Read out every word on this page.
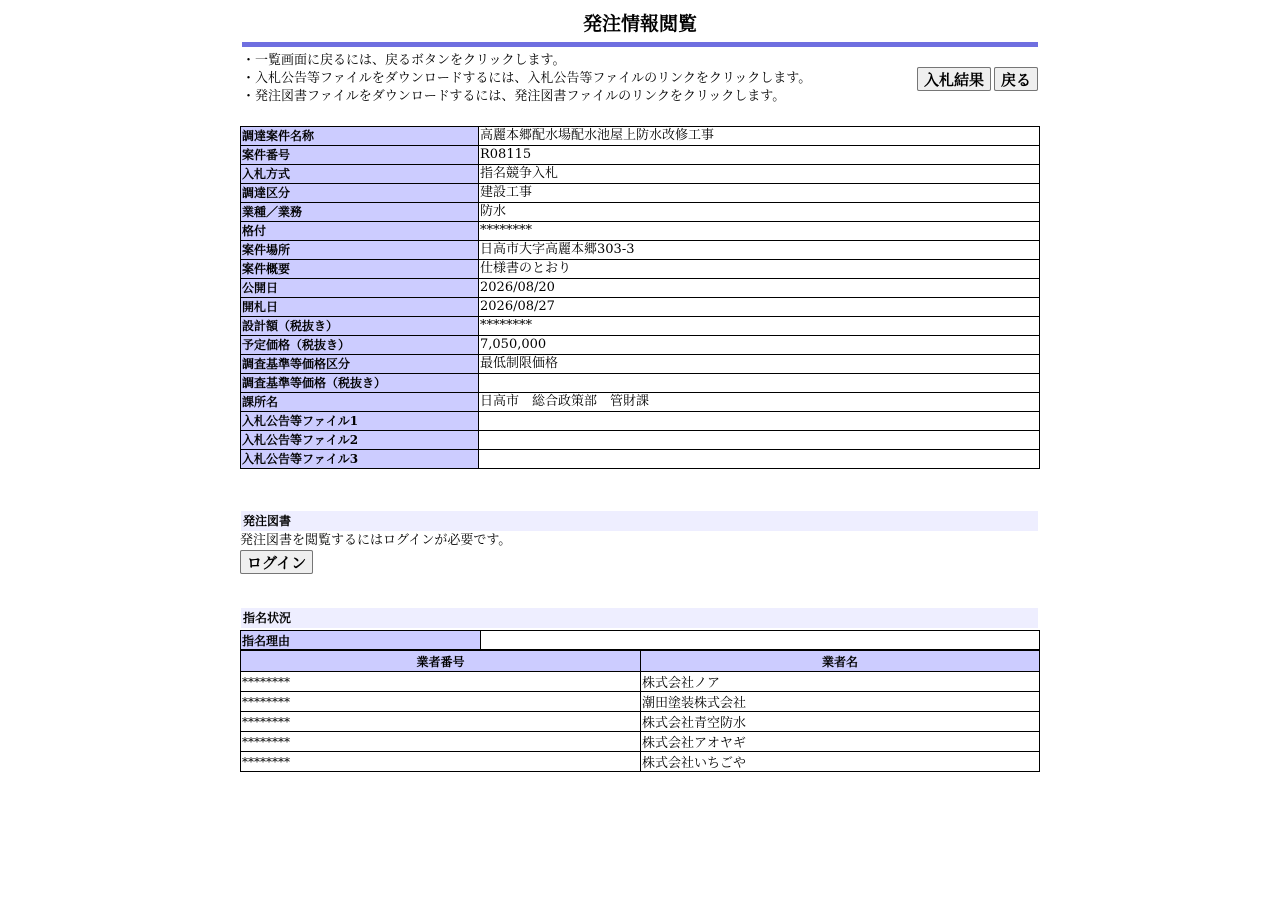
発注情報閲覧
・一覧画面に戻るには、戻るボタンをクリックします。
・入札公告等ファイルをダウンロードするには、入札公告等ファイルのリンクをクリックします。
・発注図書ファイルをダウンロードするには、発注図書ファイルのリンクをクリックします。
入札結果	戻る
調達案件名称	高麗本郷配水場配水池屋上防水改修工事
案件番号	R08115
入札方式	指名競争入札
調達区分	建設工事
業種／業務	防水
格付	********
案件場所	日高市大字高麗本郷303-3
案件概要	仕様書のとおり
公開日	2026/08/20
開札日	2026/08/27
設計額（税抜き）	********
予定価格（税抜き）	7,050,000
調査基準等価格区分	最低制限価格
調査基準等価格（税抜き）	
課所名	日高市　総合政策部　管財課
入札公告等ファイル1	
入札公告等ファイル2	
入札公告等ファイル3	
発注図書
発注図書を閲覧するにはログインが必要です。
ログイン
指名状況
指名理由	
業者番号	業者名
********	株式会社ノア
********	潮田塗装株式会社
********	株式会社青空防水
********	株式会社アオヤギ
********	株式会社いちごや
